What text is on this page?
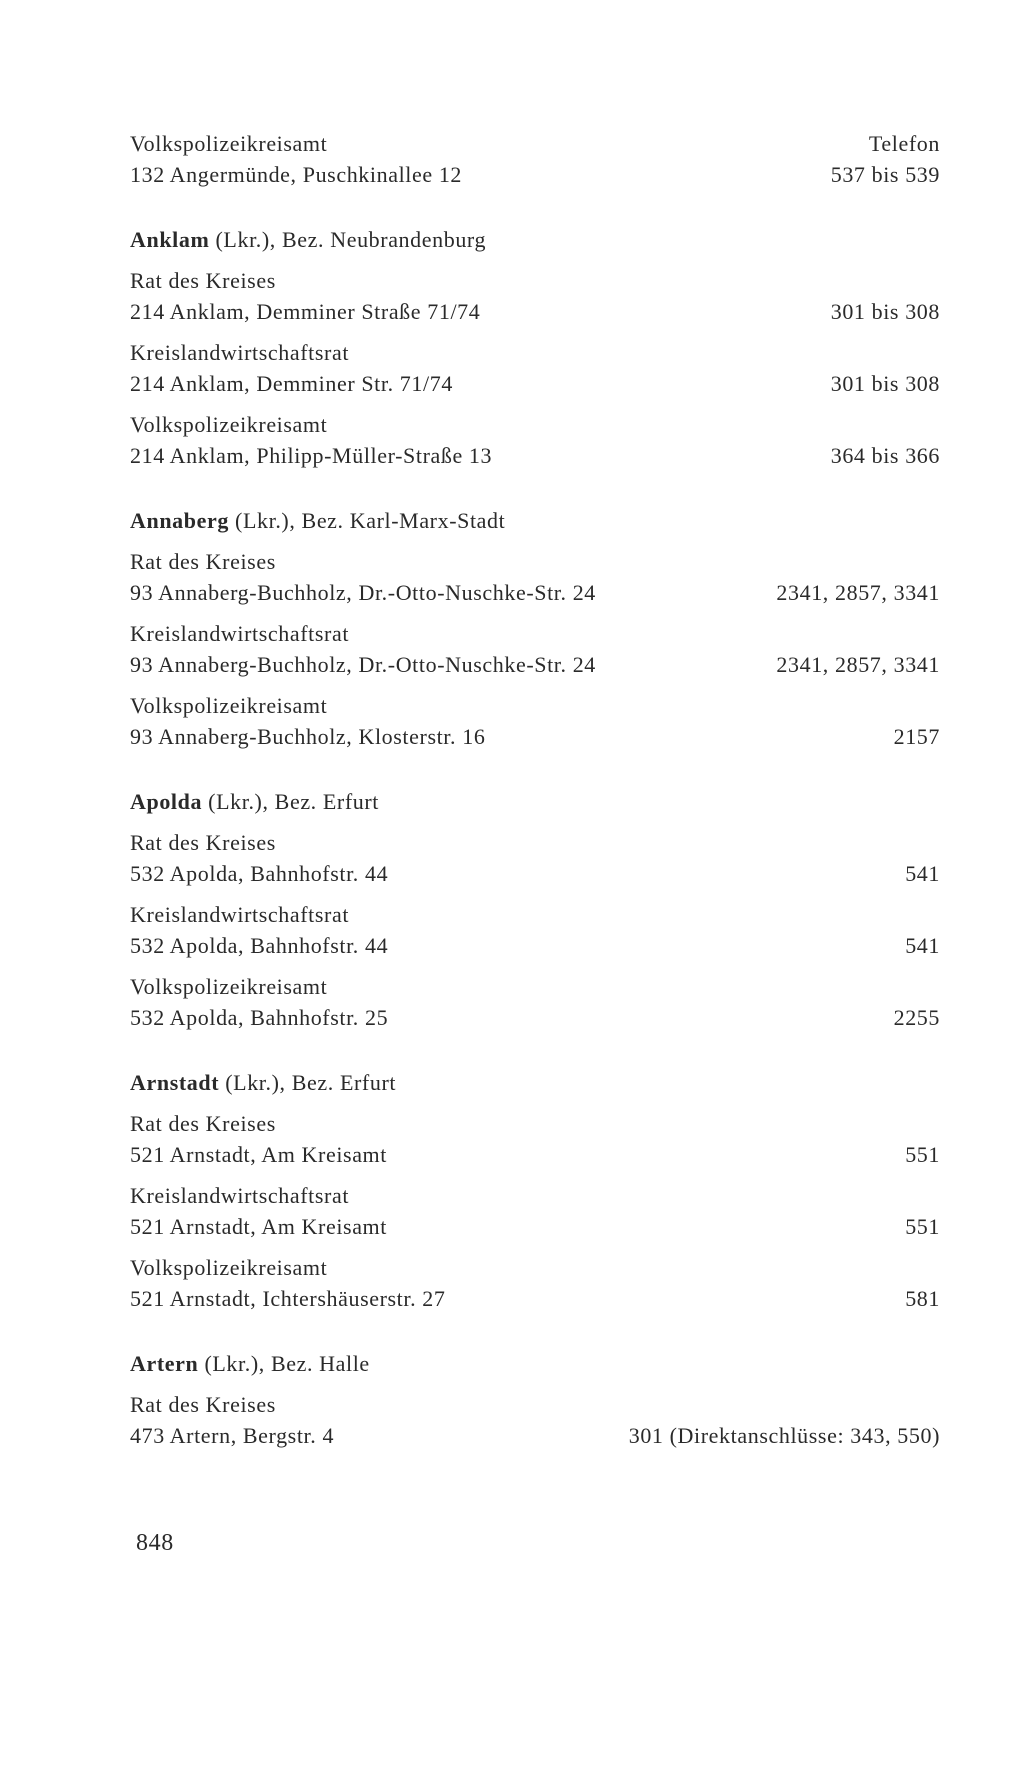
Volkspolizeikreisamt	Telefon
132 Angermünde, Puschkinallee 12	537 bis 539
Anklam (Lkr.), Bez. Neubrandenburg
Rat des Kreises
214 Anklam, Demminer Straße 71/74	301 bis 308
Kreislandwirtschaftsrat
214 Anklam, Demminer Str. 71/74	301 bis 308
Volkspolizeikreisamt
214 Anklam, Philipp-Müller-Straße 13	364 bis 366
Annaberg (Lkr.), Bez. Karl-Marx-Stadt
Rat des Kreises
93 Annaberg-Buchholz, Dr.-Otto-Nuschke-Str. 24	2341, 2857, 3341
Kreislandwirtschaftsrat
93 Annaberg-Buchholz, Dr.-Otto-Nuschke-Str. 24	2341, 2857, 3341
Volkspolizeikreisamt
93 Annaberg-Buchholz, Klosterstr. 16	2157
Apolda (Lkr.), Bez. Erfurt
Rat des Kreises
532 Apolda, Bahnhofstr. 44	541
Kreislandwirtschaftsrat
532 Apolda, Bahnhofstr. 44	541
Volkspolizeikreisamt
532 Apolda, Bahnhofstr. 25	2255
Arnstadt (Lkr.), Bez. Erfurt
Rat des Kreises
521 Arnstadt, Am Kreisamt	551
Kreislandwirtschaftsrat
521 Arnstadt, Am Kreisamt	551
Volkspolizeikreisamt
521 Arnstadt, Ichtershäuserstr. 27	581
Artern (Lkr.), Bez. Halle
Rat des Kreises
473 Artern, Bergstr. 4	301 (Direktanschlüsse: 343, 550)
848
